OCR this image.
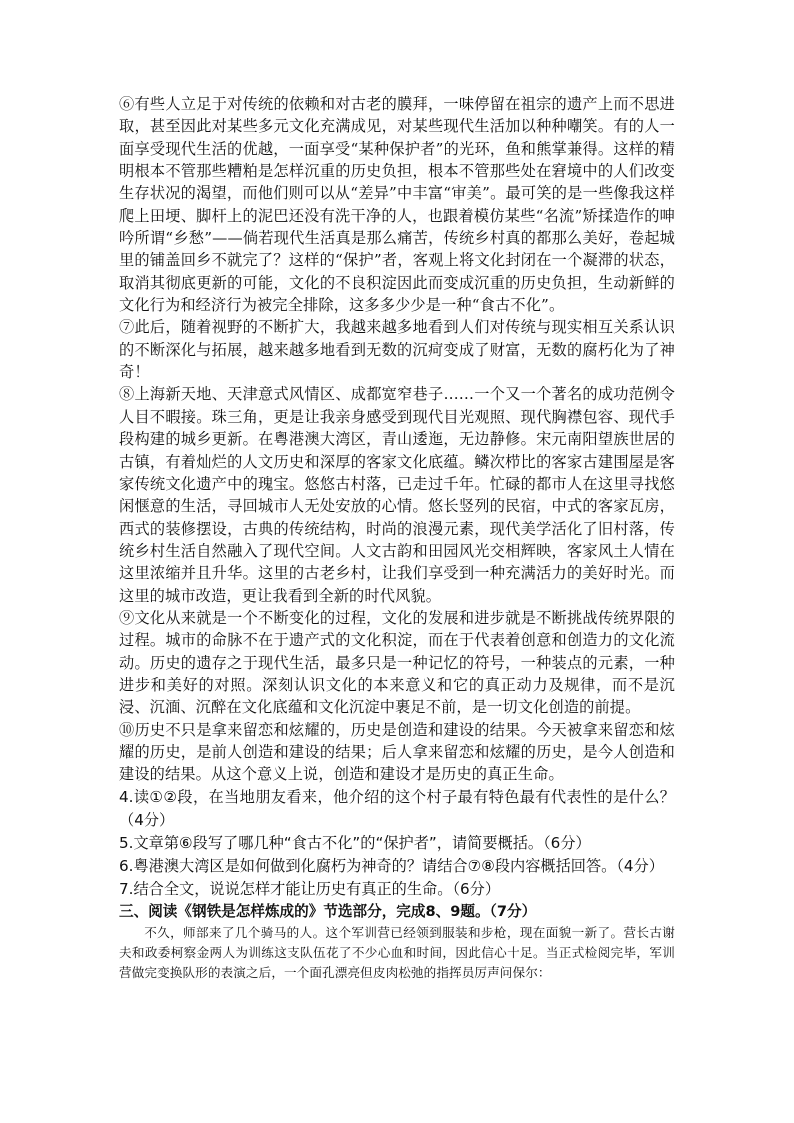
⑥有些人立足于对传统的依赖和对古老的膜拜，一味停留在祖宗的遗产上而不思进取，甚至因此对某些多元文化充满成见，对某些现代生活加以种种嘲笑。有的人一面享受现代生活的优越，一面享受“某种保护者”的光环，鱼和熊掌兼得。这样的精明根本不管那些糟粕是怎样沉重的历史负担，根本不管那些处在窘境中的人们改变生存状况的渴望，而他们则可以从“差异”中丰富“审美”。最可笑的是一些像我这样爬上田埂、脚杆上的泥巴还没有洗干净的人，也跟着模仿某些“名流”矫揉造作的呻吟所谓“乡愁”——倘若现代生活真是那么痛苦，传统乡村真的都那么美好，卷起城里的铺盖回乡不就完了？这样的“保护”者，客观上将文化封闭在一个凝滞的状态，取消其彻底更新的可能，文化的不良积淀因此而变成沉重的历史负担，生动新鲜的文化行为和经济行为被完全排除，这多多少少是一种“食古不化”。

⑦此后，随着视野的不断扩大，我越来越多地看到人们对传统与现实相互关系认识的不断深化与拓展，越来越多地看到无数的沉疴变成了财富，无数的腐朽化为了神奇！

⑧上海新天地、天津意式风情区、成都宽窄巷子……一个又一个著名的成功范例令人目不暇接。珠三角，更是让我亲身感受到现代目光观照、现代胸襟包容、现代手段构建的城乡更新。在粤港澳大湾区，青山逶迤，无边静修。宋元南阳望族世居的古镇，有着灿烂的人文历史和深厚的客家文化底蕴。鳞次栉比的客家古建围屋是客家传统文化遗产中的瑰宝。悠悠古村落，已走过千年。忙碌的都市人在这里寻找悠闲惬意的生活，寻回城市人无处安放的心情。悠长竖列的民宿，中式的客家瓦房，西式的装修摆设，古典的传统结构，时尚的浪漫元素，现代美学活化了旧村落，传统乡村生活自然融入了现代空间。人文古韵和田园风光交相辉映，客家风土人情在这里浓缩并且升华。这里的古老乡村，让我们享受到一种充满活力的美好时光。而这里的城市改造，更让我看到全新的时代风貌。

⑨文化从来就是一个不断变化的过程，文化的发展和进步就是不断挑战传统界限的过程。城市的命脉不在于遗产式的文化积淀，而在于代表着创意和创造力的文化流动。历史的遗存之于现代生活，最多只是一种记忆的符号，一种装点的元素，一种进步和美好的对照。深刻认识文化的本来意义和它的真正动力及规律，而不是沉浸、沉湎、沉醉在文化底蕴和文化沉淀中裹足不前，是一切文化创造的前提。

⑩历史不只是拿来留恋和炫耀的，历史是创造和建设的结果。今天被拿来留恋和炫耀的历史，是前人创造和建设的结果；后人拿来留恋和炫耀的历史，是今人创造和建设的结果。从这个意义上说，创造和建设才是历史的真正生命。

4.读①②段，在当地朋友看来，他介绍的这个村子最有特色最有代表性的是什么？（4分）

5.文章第⑥段写了哪几种“食古不化”的“保护者”，请简要概括。（6分）

6.粤港澳大湾区是如何做到化腐朽为神奇的？请结合⑦⑧段内容概括回答。（4分）

7.结合全文，说说怎样才能让历史有真正的生命。（6分）

三、阅读《钢铁是怎样炼成的》节选部分，完成8、9题。（7分）

不久，师部来了几个骑马的人。这个军训营已经领到服装和步枪，现在面貌一新了。营长古谢夫和政委柯察金两人为训练这支队伍花了不少心血和时间，因此信心十足。当正式检阅完毕，军训营做完变换队形的表演之后，一个面孔漂亮但皮肉松弛的指挥员厉声问保尔：
